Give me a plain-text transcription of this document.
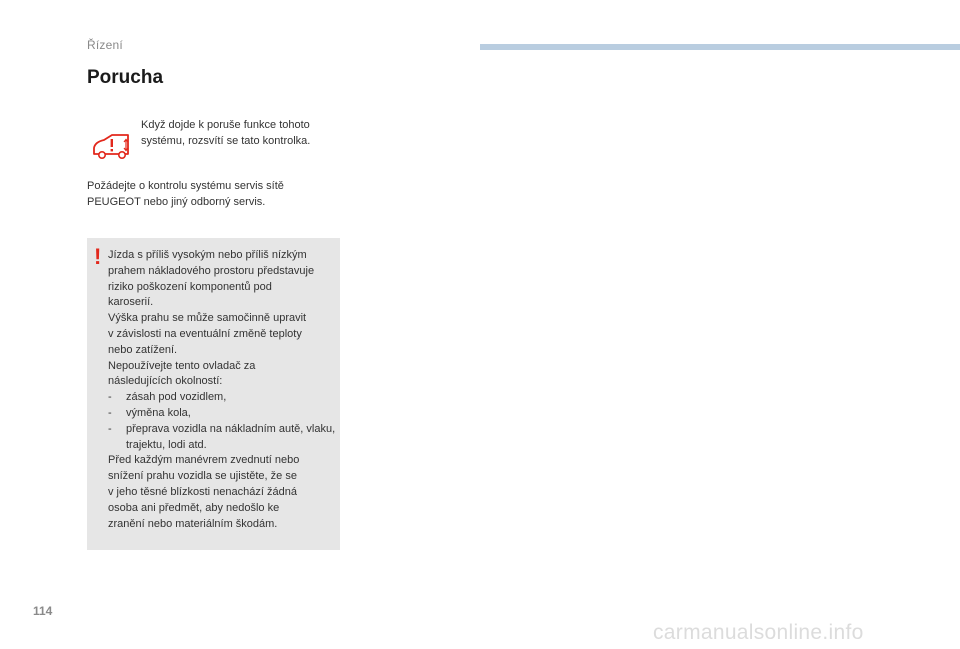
Řízení
Porucha
Když dojde k poruše funkce tohoto systému, rozsvítí se tato kontrolka.
Požádejte o kontrolu systému servis sítě PEUGEOT nebo jiný odborný servis.
! Jízda s příliš vysokým nebo příliš nízkým
prahem nákladového prostoru představuje
riziko poškození komponentů pod
karoserií.
Výška prahu se může samočinně upravit
v závislosti na eventuální změně teploty
nebo zatížení.
Nepoužívejte tento ovladač za
následujících okolností:
- zásah pod vozidlem,
- výměna kola,
- přeprava vozidla na nákladním autě, vlaku, trajektu, lodi atd.
Před každým manévrem zvednutí nebo
snížení prahu vozidla se ujistěte, že se
v jeho těsné blízkosti nenachází žádná
osoba ani předmět, aby nedošlo ke
zranění nebo materiálním škodám.
114
carmanualsonline.info
